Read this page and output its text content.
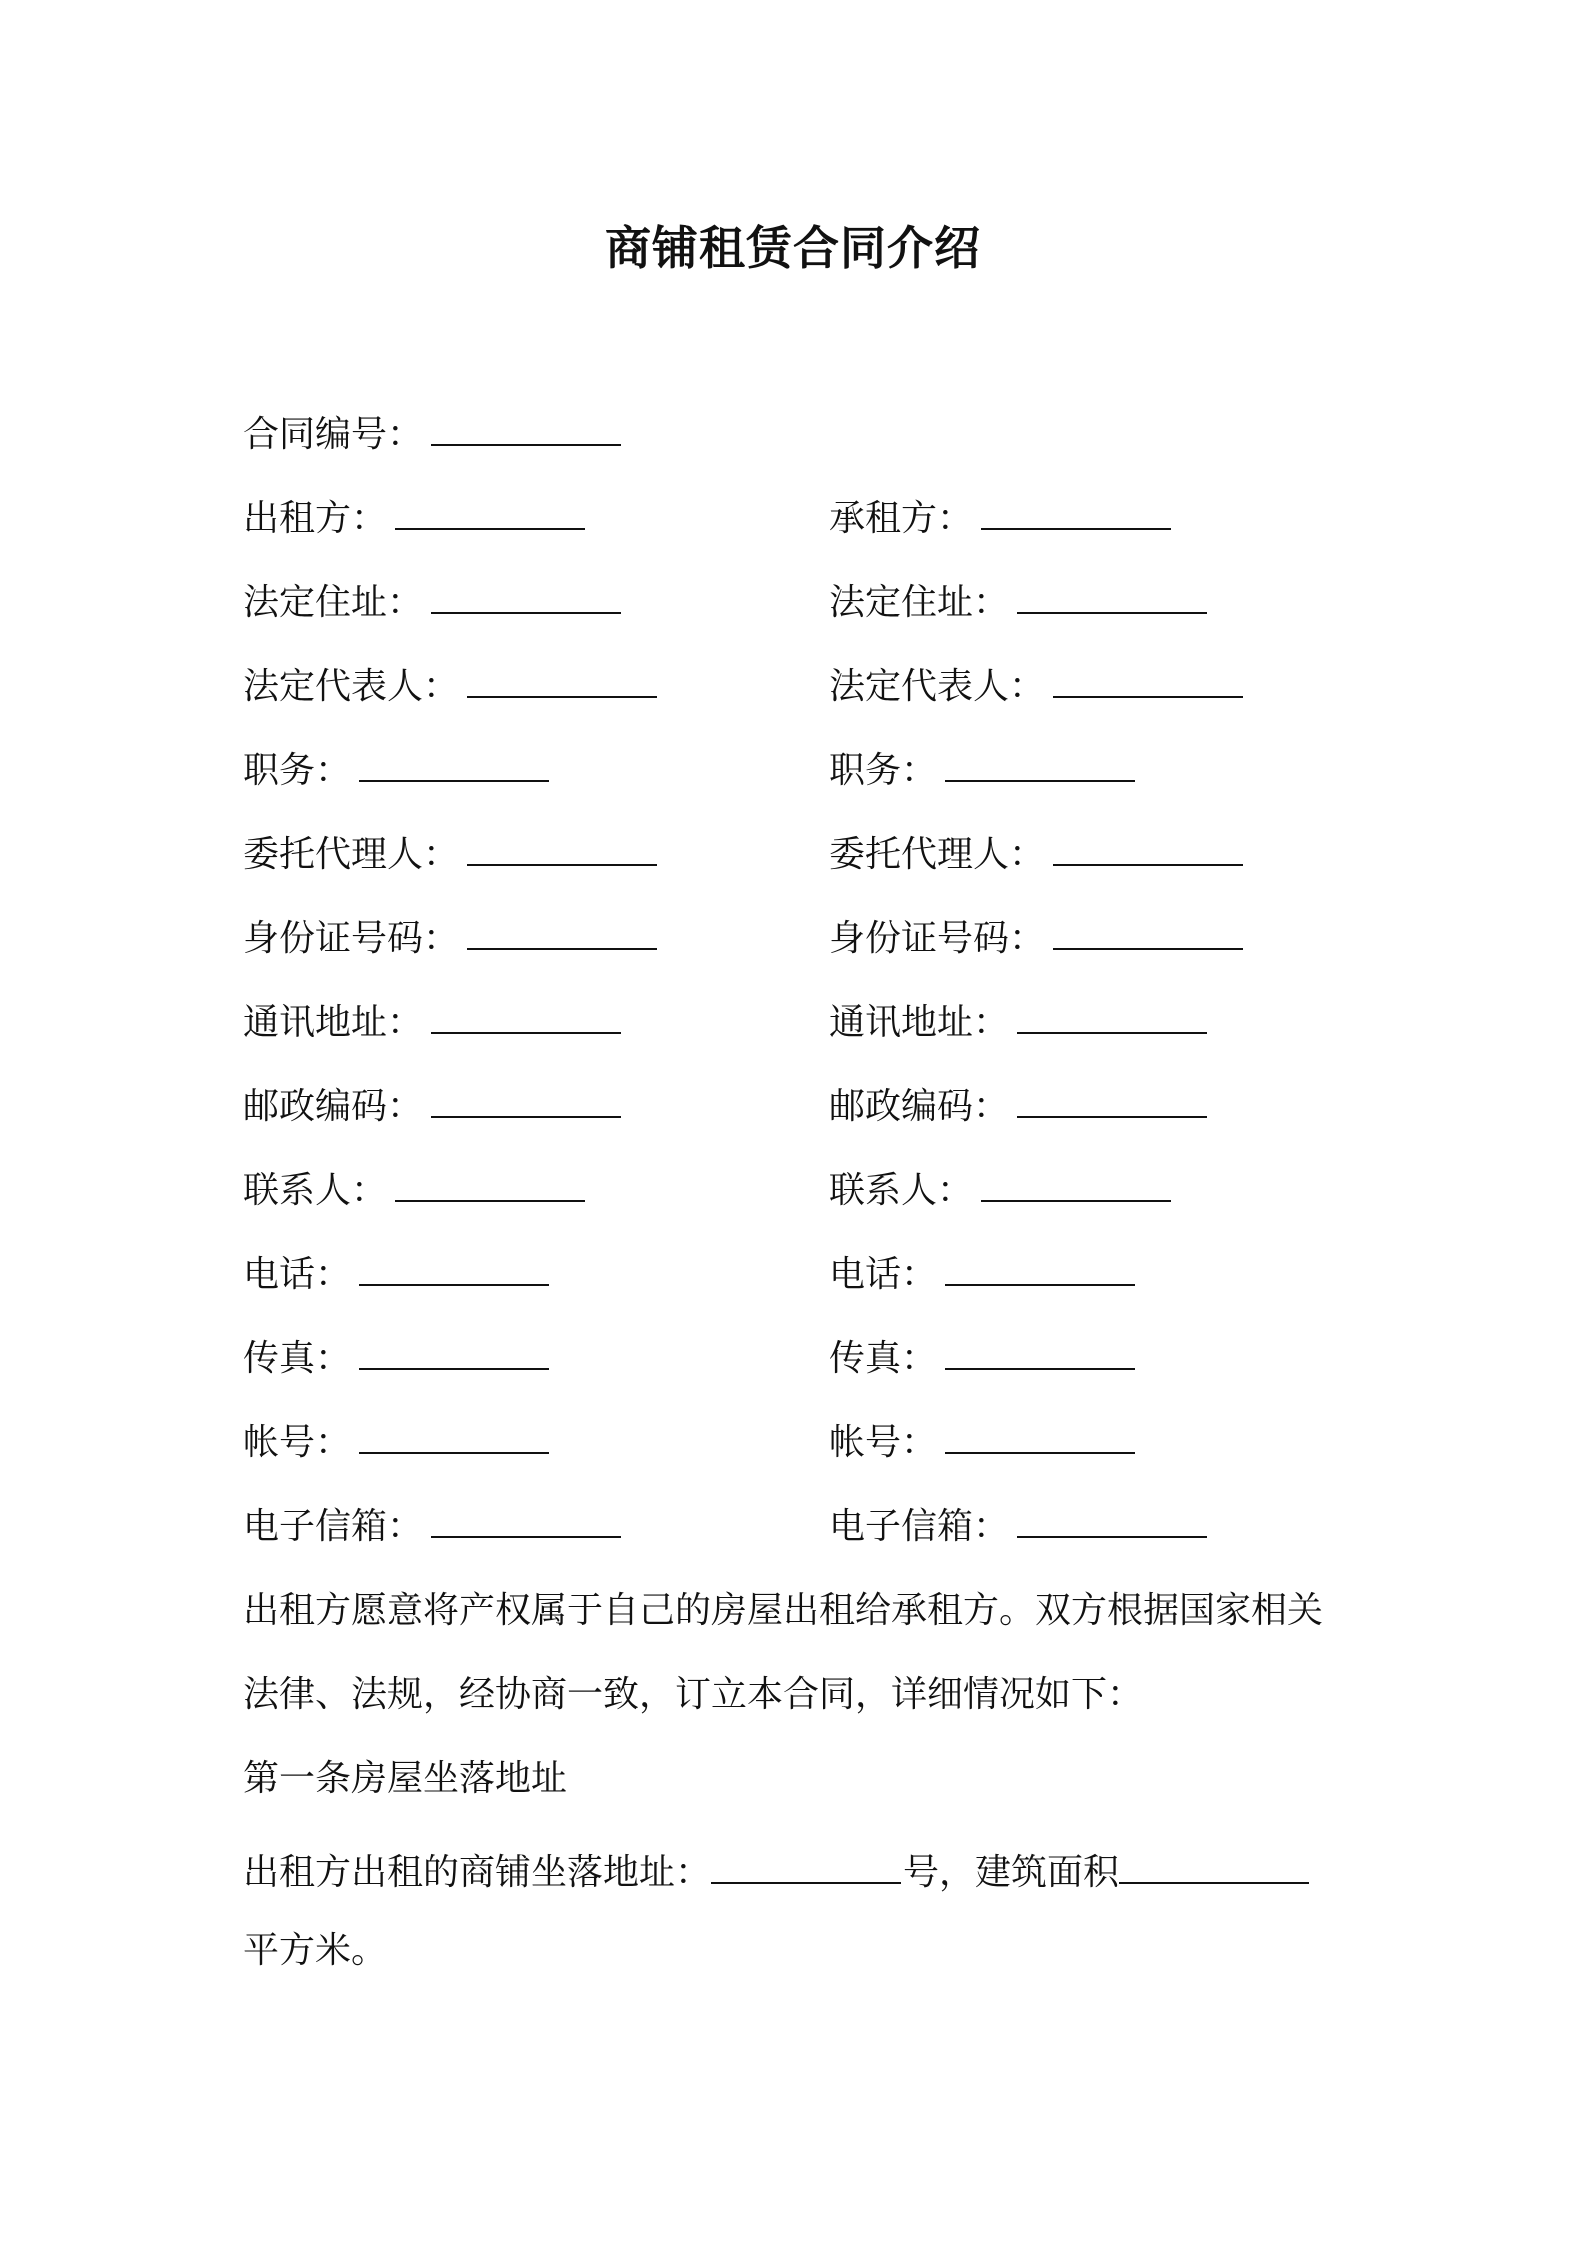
商铺租赁合同介绍
合同编号：
出租方：	承租方：
法定住址：	法定住址：
法定代表人：	法定代表人：
职务：	职务：
委托代理人：	委托代理人：
身份证号码：	身份证号码：
通讯地址：	通讯地址：
邮政编码：	邮政编码：
联系人：	联系人：
电话：	电话：
传真：	传真：
帐号：	帐号：
电子信箱：	电子信箱：
出租方愿意将产权属于自己的房屋出租给承租方。双方根据国家相关
法律、法规，经协商一致，订立本合同，详细情况如下：
第一条房屋坐落地址
出租方出租的商铺坐落地址：	号，建筑面积
平方米。
